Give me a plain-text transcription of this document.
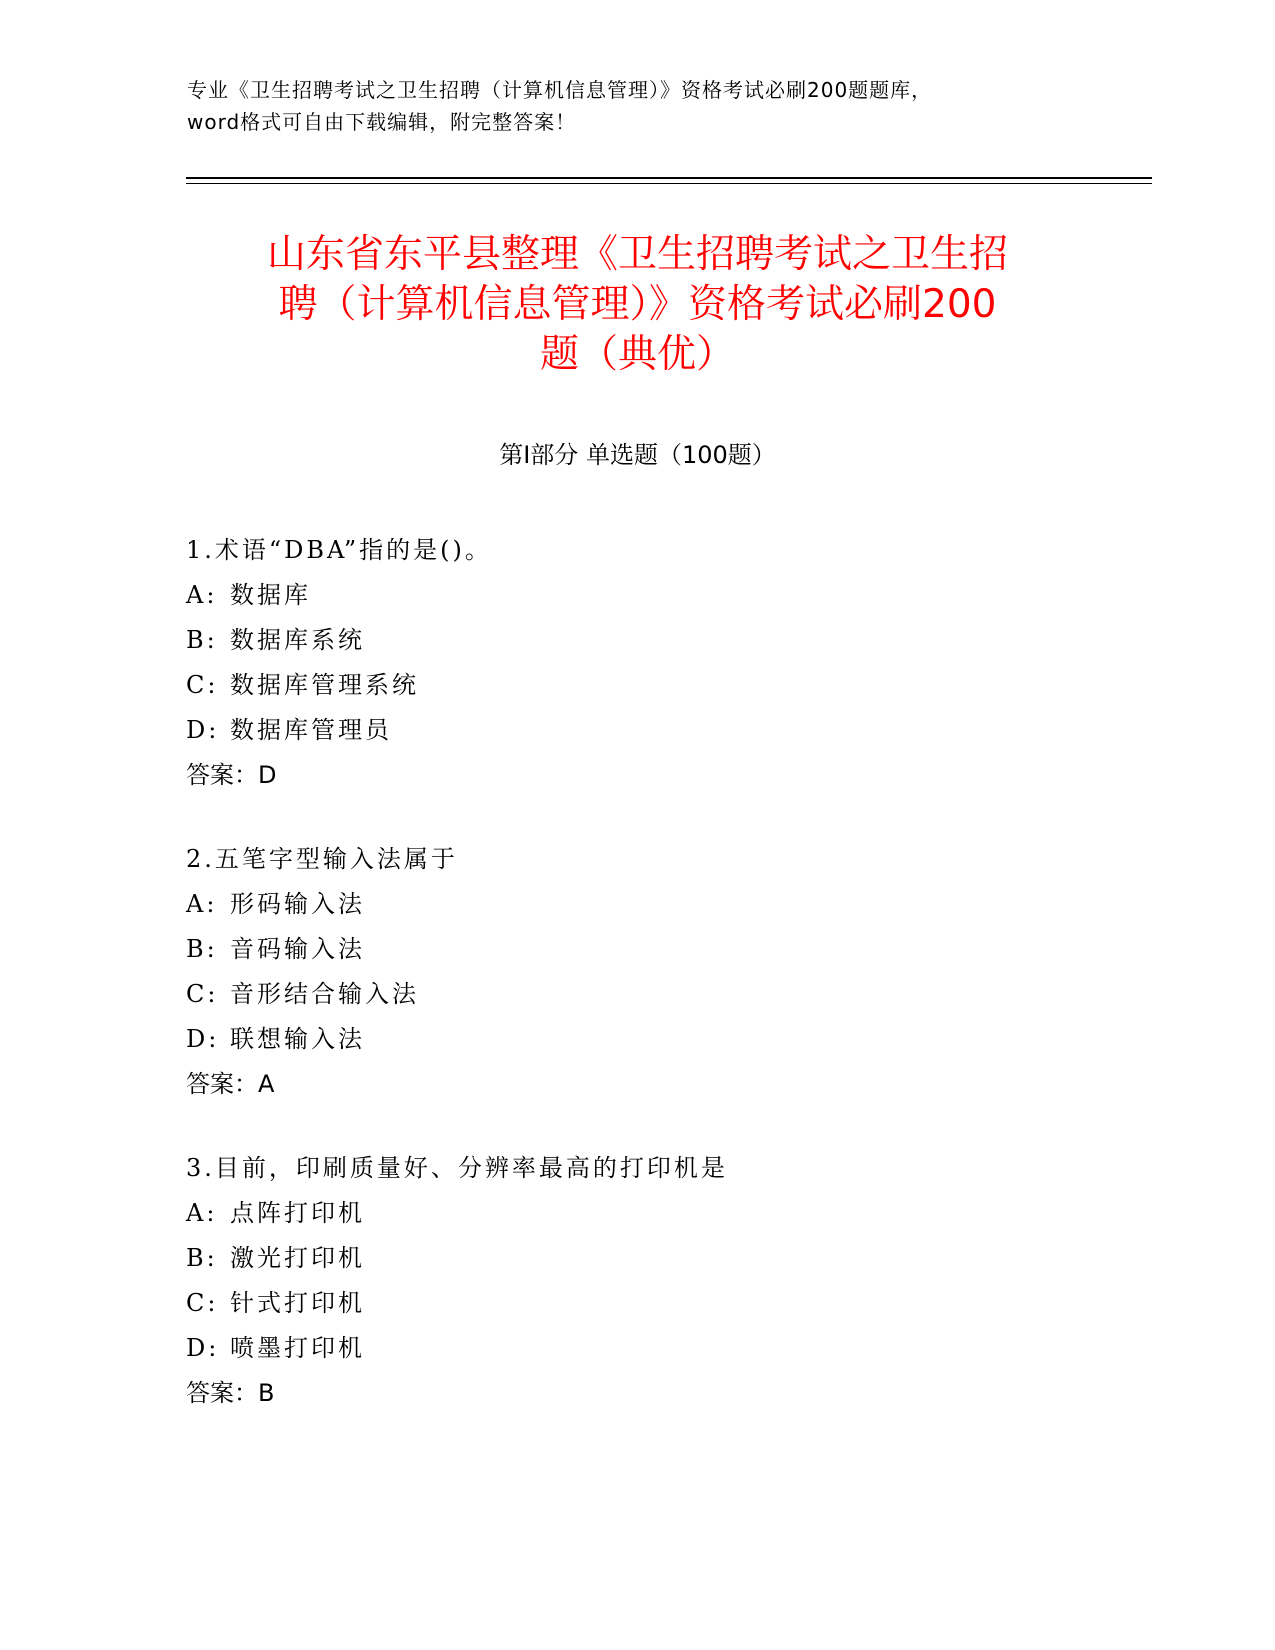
专业《卫生招聘考试之卫生招聘（计算机信息管理）》资格考试必刷200题题库，
word格式可自由下载编辑，附完整答案！
山东省东平县整理《卫生招聘考试之卫生招
聘（计算机信息管理）》资格考试必刷200
题（典优）
第Ⅰ部分 单选题（100题）
1.术语“DBA”指的是()。
A: 数据库
B: 数据库系统
C: 数据库管理系统
D: 数据库管理员
答案：D
2.五笔字型输入法属于
A: 形码输入法
B: 音码输入法
C: 音形结合输入法
D: 联想输入法
答案：A
3.目前，印刷质量好、分辨率最高的打印机是
A: 点阵打印机
B: 激光打印机
C: 针式打印机
D: 喷墨打印机
答案：B
